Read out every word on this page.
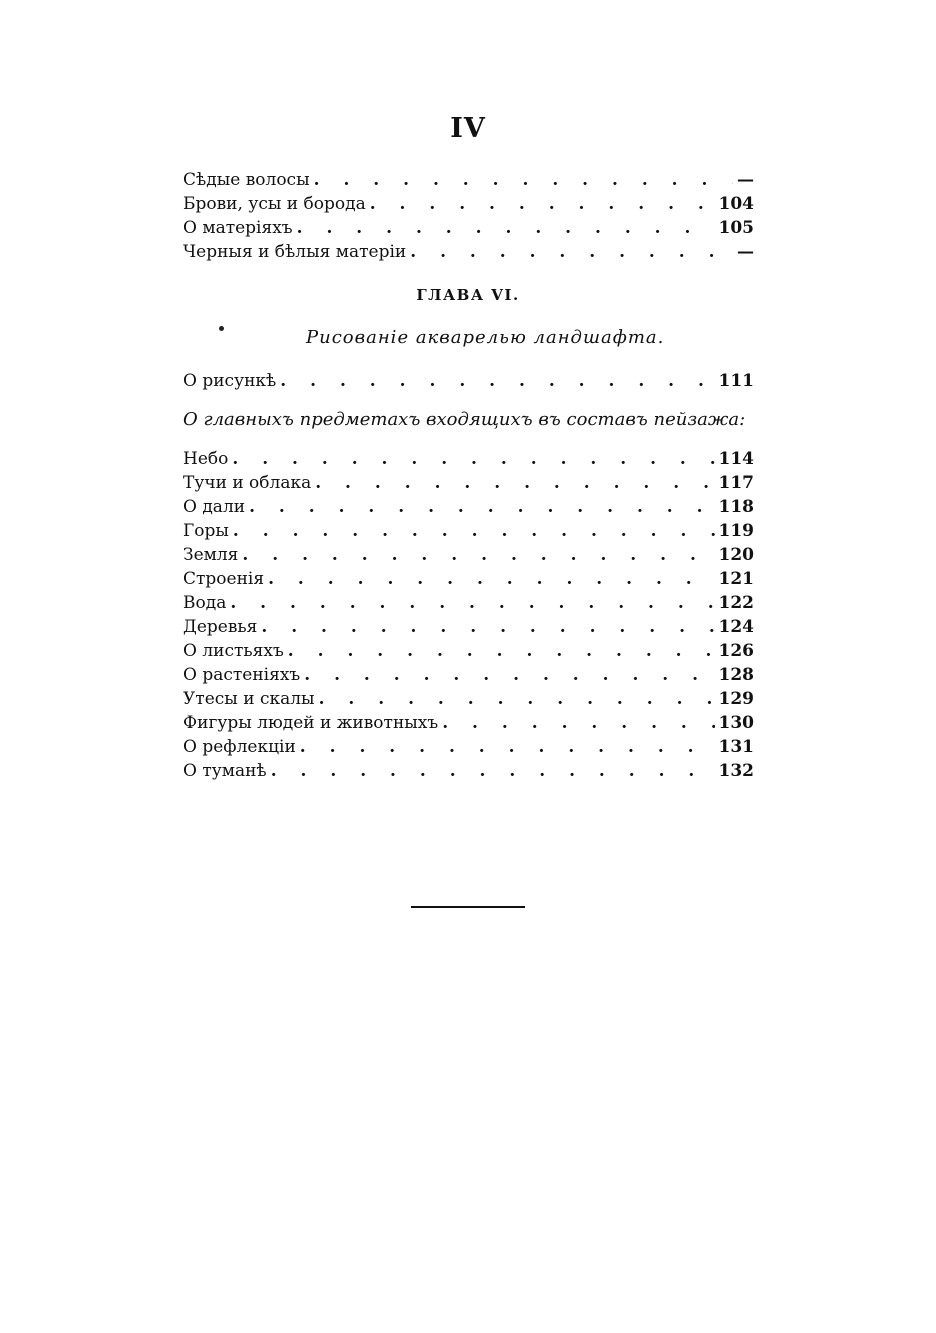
IV
Сѣдые волосы . . .	—
Брови, усы и борода . . .	104
О матеріяхъ . . .	105
Черныя и бѣлыя матеріи . . .	—
ГЛАВА VI.
Рисованіе акварелью ландшафта.
О рисункѣ . . .	111
О главныхъ предметахъ входящихъ въ составъ пейзажа:
Небо . . .	114
Тучи и облака . . .	117
О дали . . .	118
Горы . . .	119
Земля . . .	120
Строенія . . .	121
Вода . . .	122
Деревья . . .	124
О листьяхъ . . .	126
О растеніяхъ . . .	128
Утесы и скалы . . .	129
Фигуры людей и животныхъ . . .	130
О рефлекціи . . .	131
О туманѣ . . .	132
